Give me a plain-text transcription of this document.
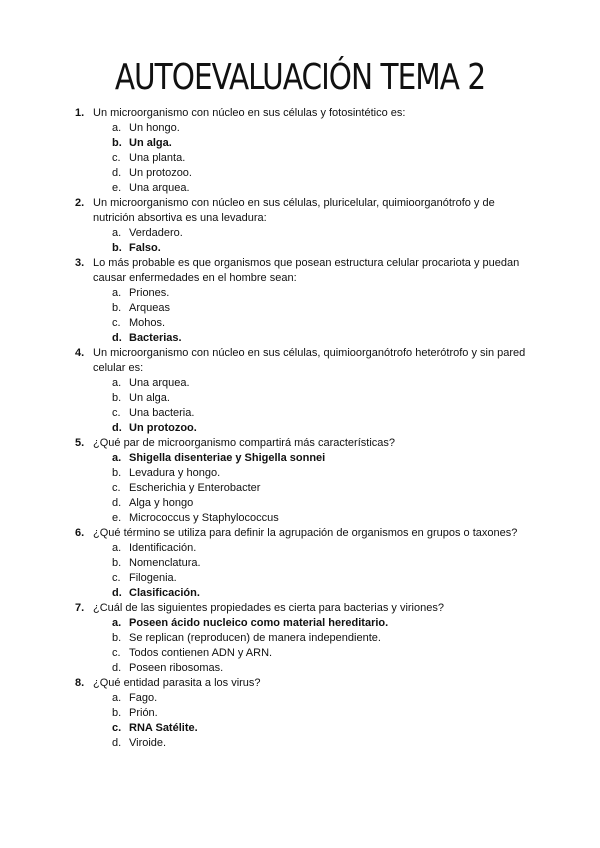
AUTOEVALUACIÓN TEMA 2
1. Un microorganismo con núcleo en sus células y fotosintético es:
a. Un hongo.
b. Un alga.
c. Una planta.
d. Un protozoo.
e. Una arquea.
2. Un microorganismo con núcleo en sus células, pluricelular, quimioorganótrofo y de nutrición absortiva es una levadura:
a. Verdadero.
b. Falso.
3. Lo más probable es que organismos que posean estructura celular procariota y puedan causar enfermedades en el hombre sean:
a. Priones.
b. Arqueas
c. Mohos.
d. Bacterias.
4. Un microorganismo con núcleo en sus células, quimioorganótrofo heterótrofo y sin pared celular es:
a. Una arquea.
b. Un alga.
c. Una bacteria.
d. Un protozoo.
5. ¿Qué par de microorganismo compartirá más características?
a. Shigella disenteriae y Shigella sonnei
b. Levadura y hongo.
c. Escherichia y Enterobacter
d. Alga y hongo
e. Micrococcus y Staphylococcus
6. ¿Qué término se utiliza para definir la agrupación de organismos en grupos o taxones?
a. Identificación.
b. Nomenclatura.
c. Filogenia.
d. Clasificación.
7. ¿Cuál de las siguientes propiedades es cierta para bacterias y viriones?
a. Poseen ácido nucleico como material hereditario.
b. Se replican (reproducen) de manera independiente.
c. Todos contienen ADN y ARN.
d. Poseen ribosomas.
8. ¿Qué entidad parasita a los virus?
a. Fago.
b. Prión.
c. RNA Satélite.
d. Viroide.
